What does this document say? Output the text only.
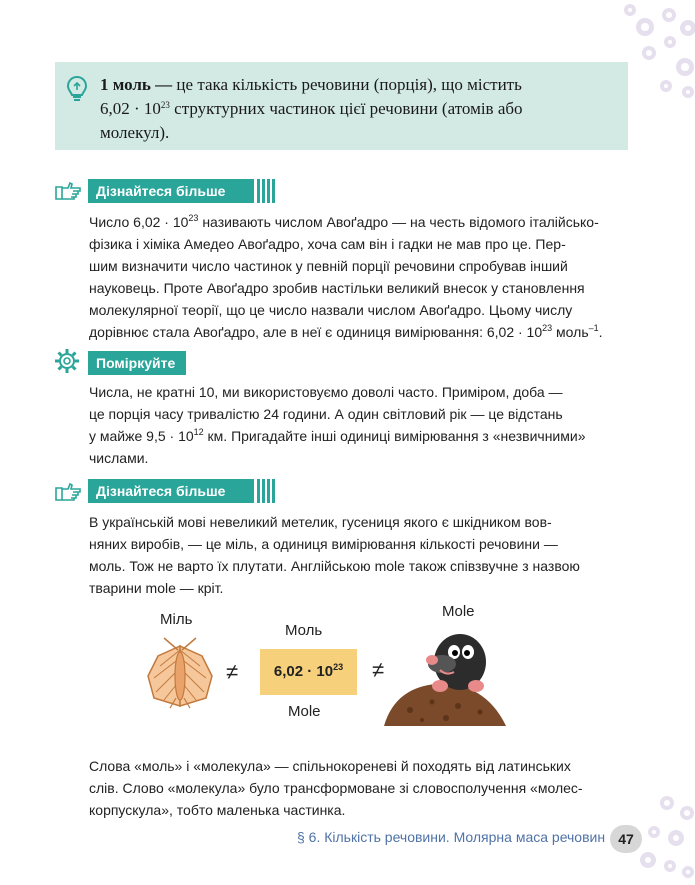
1 моль — це така кількість речовини (порція), що містить
$6,02 \cdot 10^{23}$ структурних частинок цієї речовини (атомів або
молекул).
Дізнайтеся більше
Число $6,02 \cdot 10^{23}$ називають числом Авоґадро — на честь відомого італійсько-
фізика і хіміка Амедео Авоґадро, хоча сам він і гадки не мав про це. Пер-
шим визначити число частинок у певній порції речовини спробував інший
науковець. Проте Авоґадро зробив настільки великий внесок у становлення
молекулярної теорії, що це число назвали числом Авоґадро. Цьому числу
дорівнює стала Авоґадро, але в неї є одиниця вимірювання: $6,02 \cdot 10^{23}$ моль$^{-1}$.
Поміркуйте
Числа, не кратні 10, ми використовуємо доволі часто. Приміром, доба —
це порція часу тривалістю 24 години. А один світловий рік — це відстань
у майже $9,5 \cdot 10^{12}$ км. Пригадайте інші одиниці вимірювання з «незвичними»
числами.
Дізнайтеся більше
В українській мові невеликий метелик, гусениця якого є шкідником вов-
няних виробів, — це міль, а одиниця вимірювання кількості речовини —
моль. Тож не варто їх плутати. Англійською mole також співзвучне з назвою
тварини mole — кріт.
Міль
≠
Моль
$6,02 \cdot 10^{23}$
Mole
≠
Mole
Слова «моль» і «молекула» — спільнокореневі й походять від латинських
слів. Слово «молекула» було трансформоване зі словосполучення «молес-
корпускула», тобто маленька частинка.
§ 6. Кількість речовини. Молярна маса речовин 47
